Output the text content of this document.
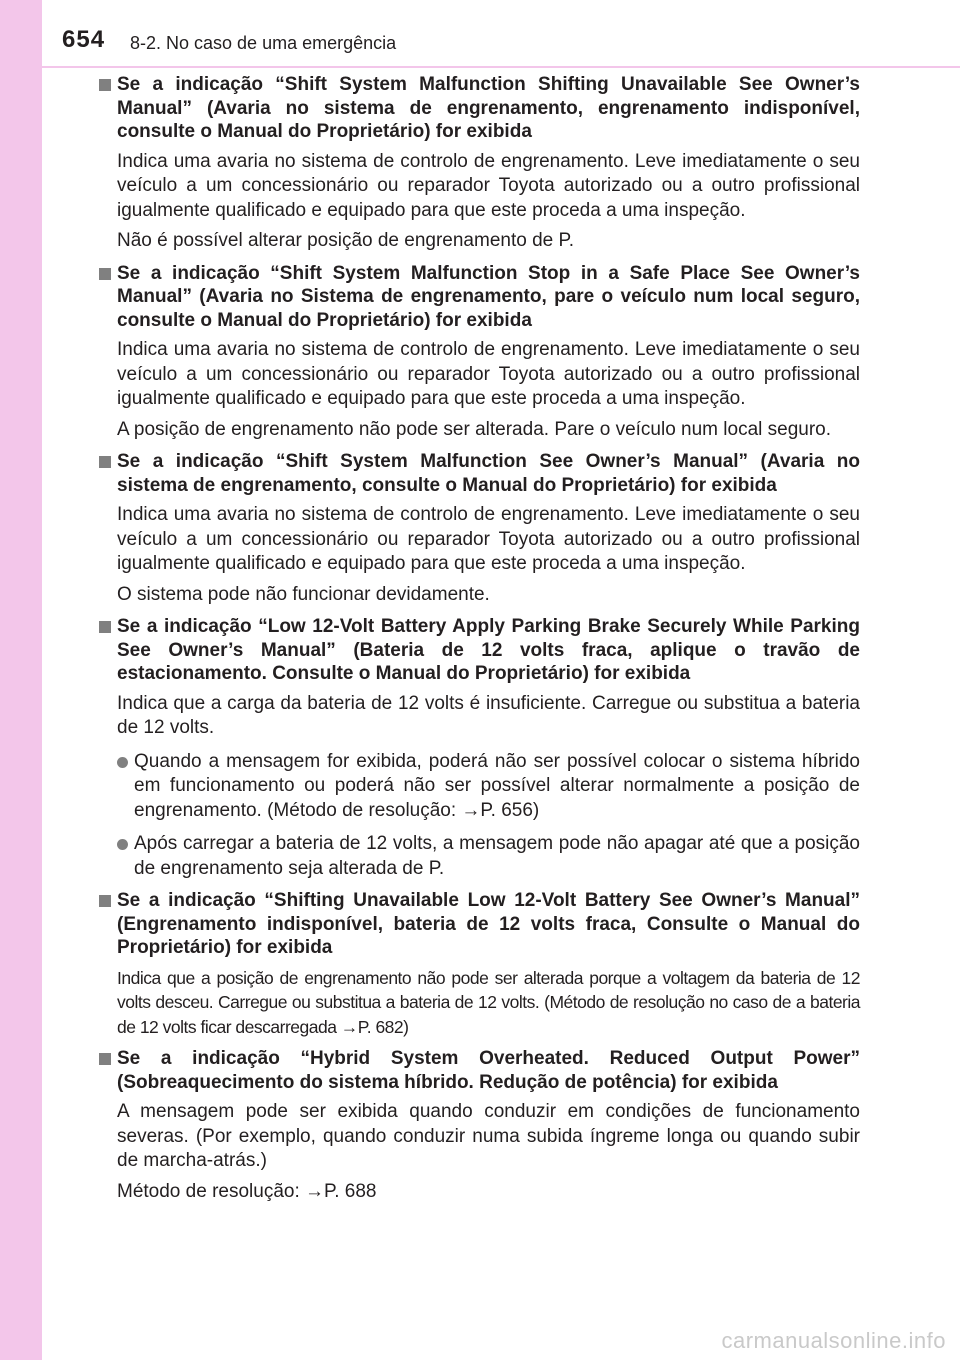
654 8-2. No caso de uma emergência
Se a indicação “Shift System Malfunction Shifting Unavailable See Owner’s Manual” (Avaria no sistema de engrenamento, engrenamento indisponível, consulte o Manual do Proprietário) for exibida

Indica uma avaria no sistema de controlo de engrenamento. Leve imediatamente o seu veículo a um concessionário ou reparador Toyota autorizado ou a outro profissional igualmente qualificado e equipado para que este proceda a uma inspeção.

Não é possível alterar posição de engrenamento de P.

Se a indicação “Shift System Malfunction Stop in a Safe Place See Owner’s Manual” (Avaria no Sistema de engrenamento, pare o veículo num local seguro, consulte o Manual do Proprietário) for exibida

Indica uma avaria no sistema de controlo de engrenamento. Leve imediatamente o seu veículo a um concessionário ou reparador Toyota autorizado ou a outro profissional igualmente qualificado e equipado para que este proceda a uma inspeção.

A posição de engrenamento não pode ser alterada. Pare o veículo num local seguro.

Se a indicação “Shift System Malfunction See Owner’s Manual” (Avaria no sistema de engrenamento, consulte o Manual do Proprietário) for exibida

Indica uma avaria no sistema de controlo de engrenamento. Leve imediatamente o seu veículo a um concessionário ou reparador Toyota autorizado ou a outro profissional igualmente qualificado e equipado para que este proceda a uma inspeção.

O sistema pode não funcionar devidamente.

Se a indicação “Low 12-Volt Battery Apply Parking Brake Securely While Parking See Owner’s Manual” (Bateria de 12 volts fraca, aplique o travão de estacionamento. Consulte o Manual do Proprietário) for exibida

Indica que a carga da bateria de 12 volts é insuficiente. Carregue ou substitua a bateria de 12 volts.

Quando a mensagem for exibida, poderá não ser possível colocar o sistema híbrido em funcionamento ou poderá não ser possível alterar normalmente a posição de engrenamento. (Método de resolução: →P. 656)
Após carregar a bateria de 12 volts, a mensagem pode não apagar até que a posição de engrenamento seja alterada de P.
Se a indicação “Shifting Unavailable Low 12-Volt Battery See Owner’s Manual” (Engrenamento indisponível, bateria de 12 volts fraca, Consulte o Manual do Proprietário) for exibida

Indica que a posição de engrenamento não pode ser alterada porque a voltagem da bateria de 12 volts desceu. Carregue ou substitua a bateria de 12 volts. (Método de resolução no caso de a bateria de 12 volts ficar descarregada →P. 682)

Se a indicação “Hybrid System Overheated. Reduced Output Power” (Sobreaquecimento do sistema híbrido. Redução de potência) for exibida

A mensagem pode ser exibida quando conduzir em condições de funcionamento severas. (Por exemplo, quando conduzir numa subida íngreme longa ou quando subir de marcha-atrás.)

Método de resolução: →P. 688

carmanualsonline.info
